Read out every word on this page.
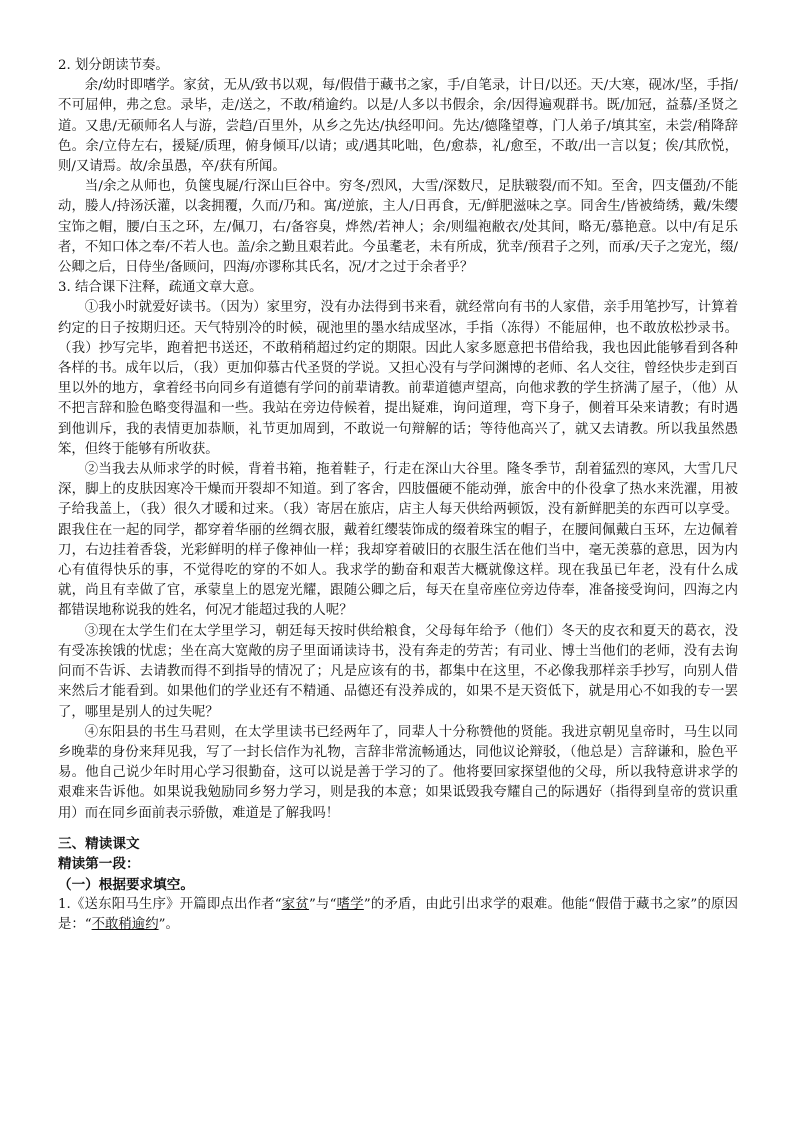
2. 划分朗读节奏。

余/幼时即嗜学。家贫，无从/致书以观，每/假借于藏书之家，手/自笔录，计日/以还。天/大寒，砚冰/坚，手指/不可屈伸，弗之怠。录毕，走/送之，不敢/稍逾约。以是/人多以书假余，余/因得遍观群书。既/加冠，益慕/圣贤之道。又患/无硕师名人与游，尝趋/百里外，从乡之先达/执经叩问。先达/德隆望尊，门人弟子/填其室，未尝/稍降辞色。余/立侍左右，援疑/质理，俯身倾耳/以请；或/遇其叱咄，色/愈恭，礼/愈至，不敢/出一言以复；俟/其欣悦，则/又请焉。故/余虽愚，卒/获有所闻。

当/余之从师也，负箧曳屣/行深山巨谷中。穷冬/烈风，大雪/深数尺，足肤皲裂/而不知。至舍，四支僵劲/不能动，媵人/持汤沃灌，以衾拥覆，久而/乃和。寓/逆旅，主人/日再食，无/鲜肥滋味之享。同舍生/皆被绮绣，戴/朱缨宝饰之帽，腰/白玉之环，左/佩刀，右/备容臭，烨然/若神人；余/则缊袍敝衣/处其间，略无/慕艳意。以中/有足乐者，不知口体之奉/不若人也。盖/余之勤且艰若此。今虽耄老，未有所成，犹幸/预君子之列，而承/天子之宠光，缀/公卿之后，日侍坐/备顾问，四海/亦谬称其氏名，况/才之过于余者乎？

3. 结合课下注释，疏通文章大意。

①我小时就爱好读书。（因为）家里穷，没有办法得到书来看，就经常向有书的人家借，亲手用笔抄写，计算着约定的日子按期归还。天气特别冷的时候，砚池里的墨水结成坚冰，手指（冻得）不能屈伸，也不敢放松抄录书。（我）抄写完毕，跑着把书送还，不敢稍稍超过约定的期限。因此人家多愿意把书借给我，我也因此能够看到各种各样的书。成年以后，（我）更加仰慕古代圣贤的学说。又担心没有与学问渊博的老师、名人交往，曾经快步走到百里以外的地方，拿着经书向同乡有道德有学问的前辈请教。前辈道德声望高，向他求教的学生挤满了屋子，（他）从不把言辞和脸色略变得温和一些。我站在旁边侍候着，提出疑难，询问道理，弯下身子，侧着耳朵来请教；有时遇到他训斥，我的表情更加恭顺，礼节更加周到，不敢说一句辩解的话；等待他高兴了，就又去请教。所以我虽然愚笨，但终于能够有所收获。

②当我去从师求学的时候，背着书箱，拖着鞋子，行走在深山大谷里。隆冬季节，刮着猛烈的寒风，大雪几尺深，脚上的皮肤因寒冷干燥而开裂却不知道。到了客舍，四肢僵硬不能动弹，旅舍中的仆役拿了热水来洗濯，用被子给我盖上，（我）很久才暖和过来。（我）寄居在旅店，店主人每天供给两顿饭，没有新鲜肥美的东西可以享受。跟我住在一起的同学，都穿着华丽的丝绸衣服，戴着红缨装饰成的缀着珠宝的帽子，在腰间佩戴白玉环，左边佩着刀，右边挂着香袋，光彩鲜明的样子像神仙一样；我却穿着破旧的衣服生活在他们当中，毫无羡慕的意思，因为内心有值得快乐的事，不觉得吃的穿的不如人。我求学的勤奋和艰苦大概就像这样。现在我虽已年老，没有什么成就，尚且有幸做了官，承蒙皇上的恩宠光耀，跟随公卿之后，每天在皇帝座位旁边侍奉，准备接受询问，四海之内都错误地称说我的姓名，何况才能超过我的人呢？

③现在太学生们在太学里学习，朝廷每天按时供给粮食，父母每年给予（他们）冬天的皮衣和夏天的葛衣，没有受冻挨饿的忧虑；坐在高大宽敞的房子里面诵读诗书，没有奔走的劳苦；有司业、博士当他们的老师，没有去询问而不告诉、去请教而得不到指导的情况了；凡是应该有的书，都集中在这里，不必像我那样亲手抄写，向别人借来然后才能看到。如果他们的学业还有不精通、品德还有没养成的，如果不是天资低下，就是用心不如我的专一罢了，哪里是别人的过失呢？

④东阳县的书生马君则，在太学里读书已经两年了，同辈人十分称赞他的贤能。我进京朝见皇帝时，马生以同乡晚辈的身份来拜见我，写了一封长信作为礼物，言辞非常流畅通达，同他议论辩驳，（他总是）言辞谦和，脸色平易。他自己说少年时用心学习很勤奋，这可以说是善于学习的了。他将要回家探望他的父母，所以我特意讲求学的艰难来告诉他。如果说我勉励同乡努力学习，则是我的本意；如果诋毁我夸耀自己的际遇好（指得到皇帝的赏识重用）而在同乡面前表示骄傲，难道是了解我吗！

三、精读课文

精读第一段：

（一）根据要求填空。

1.《送东阳马生序》开篇即点出作者“家贫”与“嗜学”的矛盾，由此引出求学的艰难。他能“假借于藏书之家”的原因是：“不敢稍逾约”。
